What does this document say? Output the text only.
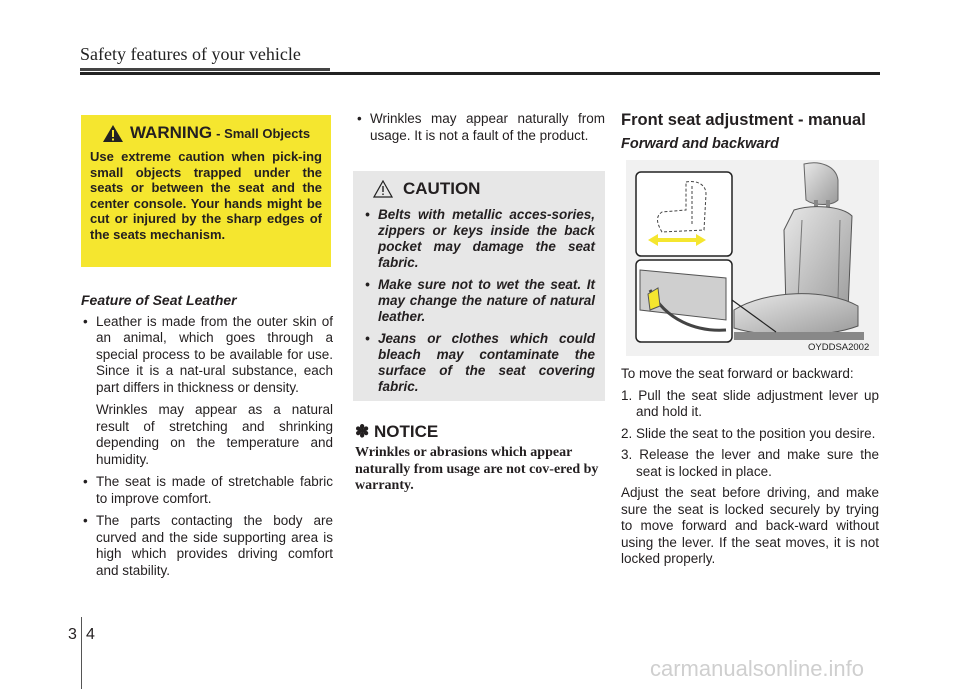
Safety features of your vehicle
WARNING - Small Objects
Use extreme caution when pick-ing small objects trapped under the seats or between the seat and the center console. Your hands might be cut or injured by the sharp edges of the seats mechanism.
Feature of Seat Leather
• Leather is made from the outer skin of an animal, which goes through a special process to be available for use. Since it is a nat-ural substance, each part differs in thickness or density.
Wrinkles may appear as a natural result of stretching and shrinking depending on the temperature and humidity.
• The seat is made of stretchable fabric to improve comfort.
• The parts contacting the body are curved and the side supporting area is high which provides driving comfort and stability.
• Wrinkles may appear naturally from usage. It is not a fault of the product.
CAUTION
• Belts with metallic acces-sories, zippers or keys inside the back pocket may damage the seat fabric.
• Make sure not to wet the seat. It may change the nature of natural leather.
• Jeans or clothes which could bleach may contaminate the surface of the seat covering fabric.
✽ NOTICE
Wrinkles or abrasions which appear naturally from usage are not cov-ered by warranty.
Front seat adjustment - manual
Forward and backward
OYDDSA2002
To move the seat forward or backward:
1. Pull the seat slide adjustment lever up and hold it.
2. Slide the seat to the position you desire.
3. Release the lever and make sure the seat is locked in place.
Adjust the seat before driving, and make sure the seat is locked securely by trying to move forward and back-ward without using the lever. If the seat moves, it is not locked properly.
3 4
carmanualsonline.info
